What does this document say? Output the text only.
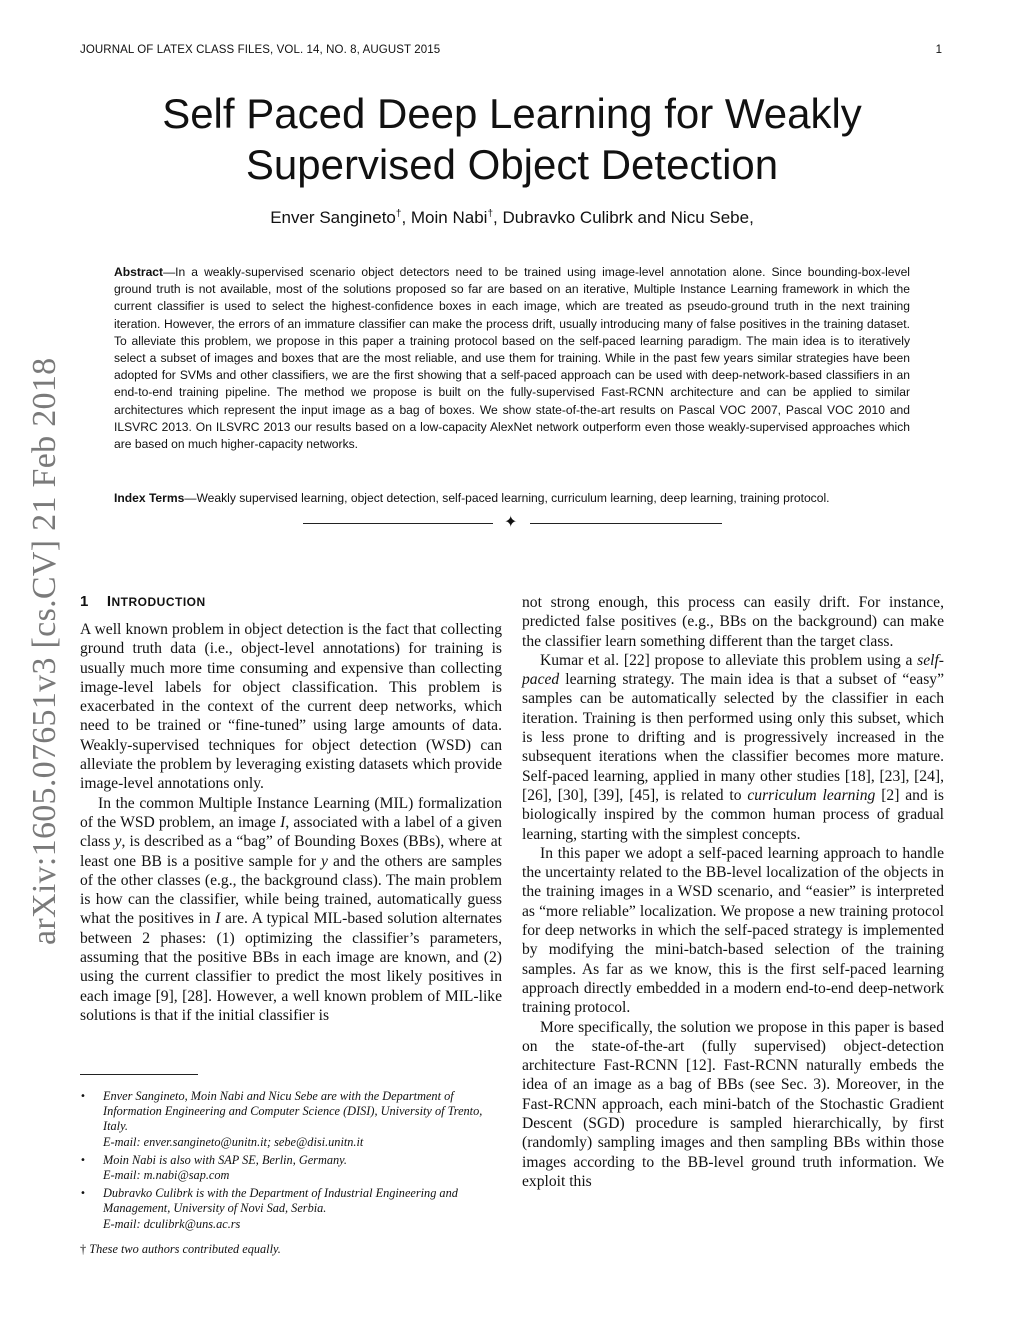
JOURNAL OF LATEX CLASS FILES, VOL. 14, NO. 8, AUGUST 2015	1
Self Paced Deep Learning for Weakly
Supervised Object Detection
Enver Sangineto†, Moin Nabi†, Dubravko Culibrk and Nicu Sebe,
Abstract—In a weakly-supervised scenario object detectors need to be trained using image-level annotation alone. Since bounding-box-level ground truth is not available, most of the solutions proposed so far are based on an iterative, Multiple Instance Learning framework in which the current classifier is used to select the highest-confidence boxes in each image, which are treated as pseudo-ground truth in the next training iteration. However, the errors of an immature classifier can make the process drift, usually introducing many of false positives in the training dataset. To alleviate this problem, we propose in this paper a training protocol based on the self-paced learning paradigm. The main idea is to iteratively select a subset of images and boxes that are the most reliable, and use them for training. While in the past few years similar strategies have been adopted for SVMs and other classifiers, we are the first showing that a self-paced approach can be used with deep-network-based classifiers in an end-to-end training pipeline. The method we propose is built on the fully-supervised Fast-RCNN architecture and can be applied to similar architectures which represent the input image as a bag of boxes. We show state-of-the-art results on Pascal VOC 2007, Pascal VOC 2010 and ILSVRC 2013. On ILSVRC 2013 our results based on a low-capacity AlexNet network outperform even those weakly-supervised approaches which are based on much higher-capacity networks.
Index Terms—Weakly supervised learning, object detection, self-paced learning, curriculum learning, deep learning, training protocol.
✦
arXiv:1605.07651v3 [cs.CV] 21 Feb 2018 1 INTRODUCTION

A well known problem in object detection is the fact that collecting ground truth data (i.e., object-level annotations) for training is usually much more time consuming and expensive than collecting image-level labels for object classification. This problem is exacerbated in the context of the current deep networks, which need to be trained or “fine-tuned” using large amounts of data. Weakly-supervised techniques for object detection (WSD) can alleviate the problem by leveraging existing datasets which provide image-level annotations only.

In the common Multiple Instance Learning (MIL) formalization of the WSD problem, an image I, associated with a label of a given class y, is described as a “bag” of Bounding Boxes (BBs), where at least one BB is a positive sample for y and the others are samples of the other classes (e.g., the background class). The main problem is how can the classifier, while being trained, automatically guess what the positives in I are. A typical MIL-based solution alternates between 2 phases: (1) optimizing the classifier’s parameters, assuming that the positive BBs in each image are known, and (2) using the current classifier to predict the most likely positives in each image [9], [28]. However, a well known problem of MIL-like solutions is that if the initial classifier is

• Enver Sangineto, Moin Nabi and Nicu Sebe are with the Department of Information Engineering and Computer Science (DISI), University of Trento, Italy.
E-mail: enver.sangineto@unitn.it; sebe@disi.unitn.it
• Moin Nabi is also with SAP SE, Berlin, Germany.
E-mail: m.nabi@sap.com
• Dubravko Culibrk is with the Department of Industrial Engineering and Management, University of Novi Sad, Serbia.
E-mail: dculibrk@uns.ac.rs
† These two authors contributed equally.

not strong enough, this process can easily drift. For instance, predicted false positives (e.g., BBs on the background) can make the classifier learn something different than the target class.

Kumar et al. [22] propose to alleviate this problem using a self-paced learning strategy. The main idea is that a subset of “easy” samples can be automatically selected by the classifier in each iteration. Training is then performed using only this subset, which is less prone to drifting and is progressively increased in the subsequent iterations when the classifier becomes more mature. Self-paced learning, applied in many other studies [18], [23], [24], [26], [30], [39], [45], is related to curriculum learning [2] and is biologically inspired by the common human process of gradual learning, starting with the simplest concepts.

In this paper we adopt a self-paced learning approach to handle the uncertainty related to the BB-level localization of the objects in the training images in a WSD scenario, and “easier” is interpreted as “more reliable” localization. We propose a new training protocol for deep networks in which the self-paced strategy is implemented by modifying the mini-batch-based selection of the training samples. As far as we know, this is the first self-paced learning approach directly embedded in a modern end-to-end deep-network training protocol.

More specifically, the solution we propose in this paper is based on the state-of-the-art (fully supervised) object-detection architecture Fast-RCNN [12]. Fast-RCNN naturally embeds the idea of an image as a bag of BBs (see Sec. 3). Moreover, in the Fast-RCNN approach, each mini-batch of the Stochastic Gradient Descent (SGD) procedure is sampled hierarchically, by first (randomly) sampling images and then sampling BBs within those images according to the BB-level ground truth information. We exploit this
